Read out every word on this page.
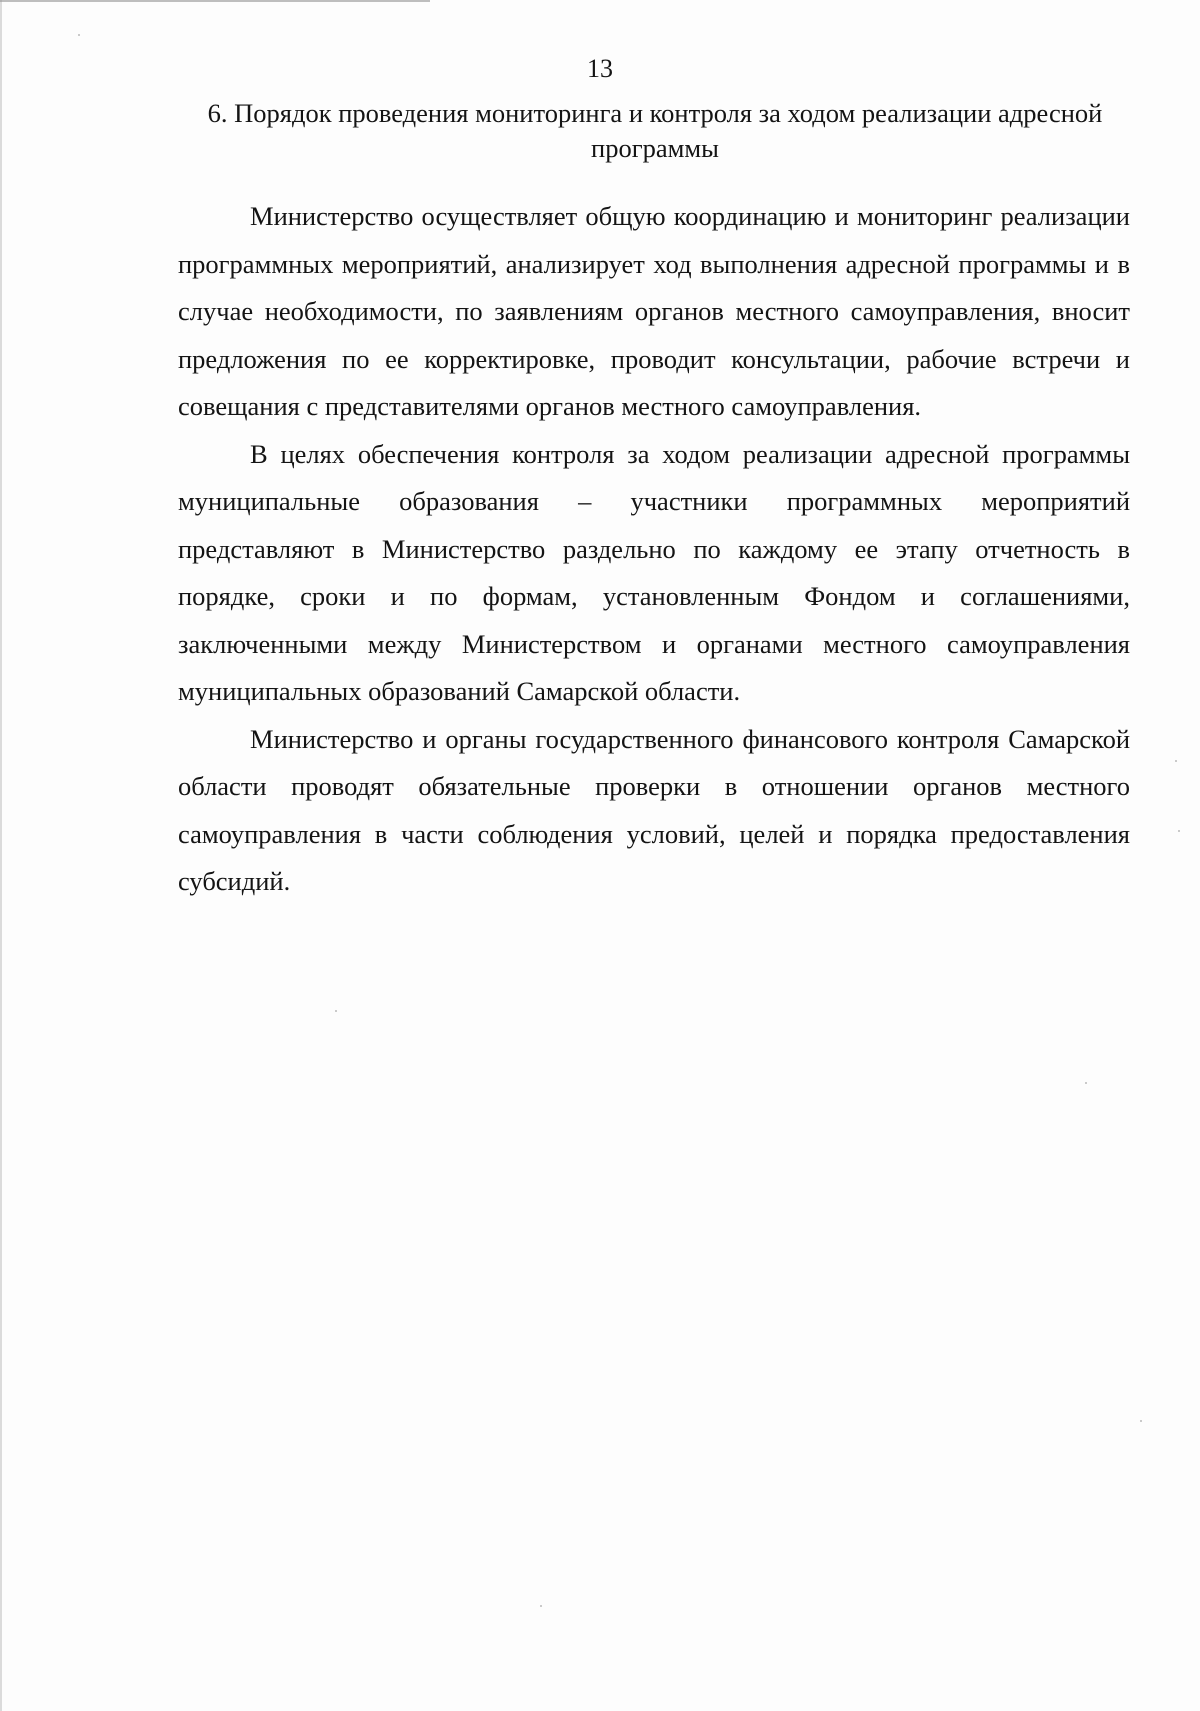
13
6. Порядок проведения мониторинга и контроля за ходом реализации адресной программы

Министерство осуществляет общую координацию и мониторинг реализации программных мероприятий, анализирует ход выполнения адресной программы и в случае необходимости, по заявлениям органов местного самоуправления, вносит предложения по ее корректировке, проводит консультации, рабочие встречи и совещания с представителями органов местного самоуправления.

В целях обеспечения контроля за ходом реализации адресной программы муниципальные образования – участники программных мероприятий представляют в Министерство раздельно по каждому ее этапу отчетность в порядке, сроки и по формам, установленным Фондом и соглашениями, заключенными между Министерством и органами местного самоуправления муниципальных образований Самарской области.

Министерство и органы государственного финансового контроля Самарской области проводят обязательные проверки в отношении органов местного самоуправления в части соблюдения условий, целей и порядка предоставления субсидий.
